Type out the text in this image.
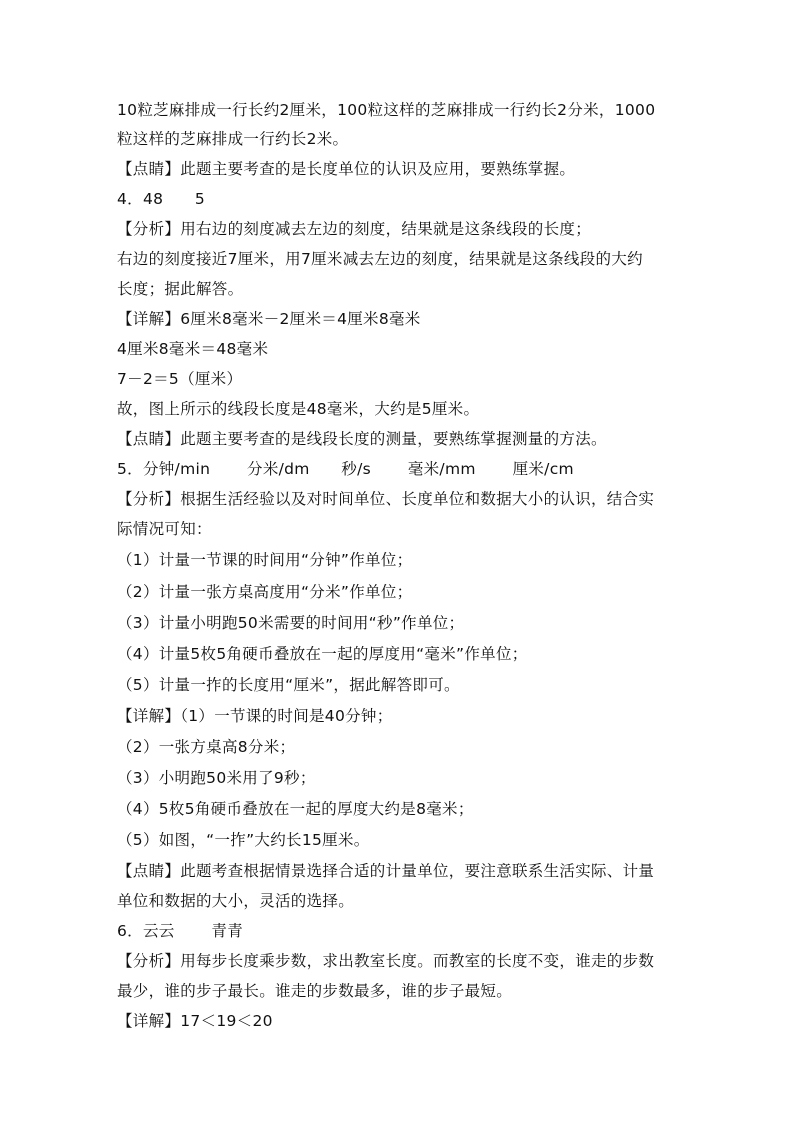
10粒芝麻排成一行长约2厘米，100粒这样的芝麻排成一行约长2分米，1000
粒这样的芝麻排成一行约长2米。
【点睛】此题主要考查的是长度单位的认识及应用，要熟练掌握。
4．48　　5
【分析】用右边的刻度减去左边的刻度，结果就是这条线段的长度；
右边的刻度接近7厘米，用7厘米减去左边的刻度，结果就是这条线段的大约
长度；据此解答。
【详解】6厘米8毫米－2厘米＝4厘米8毫米
4厘米8毫米＝48毫米
7－2＝5（厘米）
故，图上所示的线段长度是48毫米，大约是5厘米。
【点睛】此题主要考查的是线段长度的测量，要熟练掌握测量的方法。
5．分钟/min　　 分米/dm　　秒/s　　 毫米/mm　　 厘米/cm
【分析】根据生活经验以及对时间单位、长度单位和数据大小的认识，结合实
际情况可知：
（1）计量一节课的时间用“分钟”作单位；
（2）计量一张方桌高度用“分米”作单位；
（3）计量小明跑50米需要的时间用“秒”作单位；
（4）计量5枚5角硬币叠放在一起的厚度用“毫米”作单位；
（5）计量一拃的长度用“厘米”，据此解答即可。
【详解】（1）一节课的时间是40分钟；
（2）一张方桌高8分米；
（3）小明跑50米用了9秒；
（4）5枚5角硬币叠放在一起的厚度大约是8毫米；
（5）如图，“一拃”大约长15厘米。
【点睛】此题考查根据情景选择合适的计量单位，要注意联系生活实际、计量
单位和数据的大小，灵活的选择。
6．云云　　 青青
【分析】用每步长度乘步数，求出教室长度。而教室的长度不变，谁走的步数
最少，谁的步子最长。谁走的步数最多，谁的步子最短。
【详解】17＜19＜20
